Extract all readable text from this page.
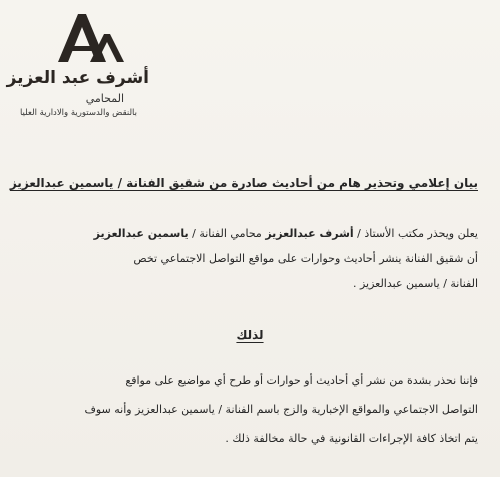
أشرف عبد العزيز
المحامي
بالنقض والدستورية والادارية العليا
بيان إعلامي وتحذير هام من أحاديث صادرة من شقيق الفنانة / ياسمين عبدالعزيز
يعلن ويحذر مكتب الأستاذ / أشرف عبدالعزيز محامي الفنانة / ياسمين عبدالعزيز
أن شقيق الفنانة ينشر أحاديث وحوارات على مواقع التواصل الاجتماعي تخص
الفنانة / ياسمين عبدالعزيز .
لذلك
فإننا نحذر بشدة من نشر أي أحاديث أو حوارات أو طرح أي مواضيع على مواقع
التواصل الاجتماعي والمواقع الإخبارية والزج باسم الفنانة / ياسمين عبدالعزيز وأنه سوف
يتم اتخاذ كافة الإجراءات القانونية في حالة مخالفة ذلك .
